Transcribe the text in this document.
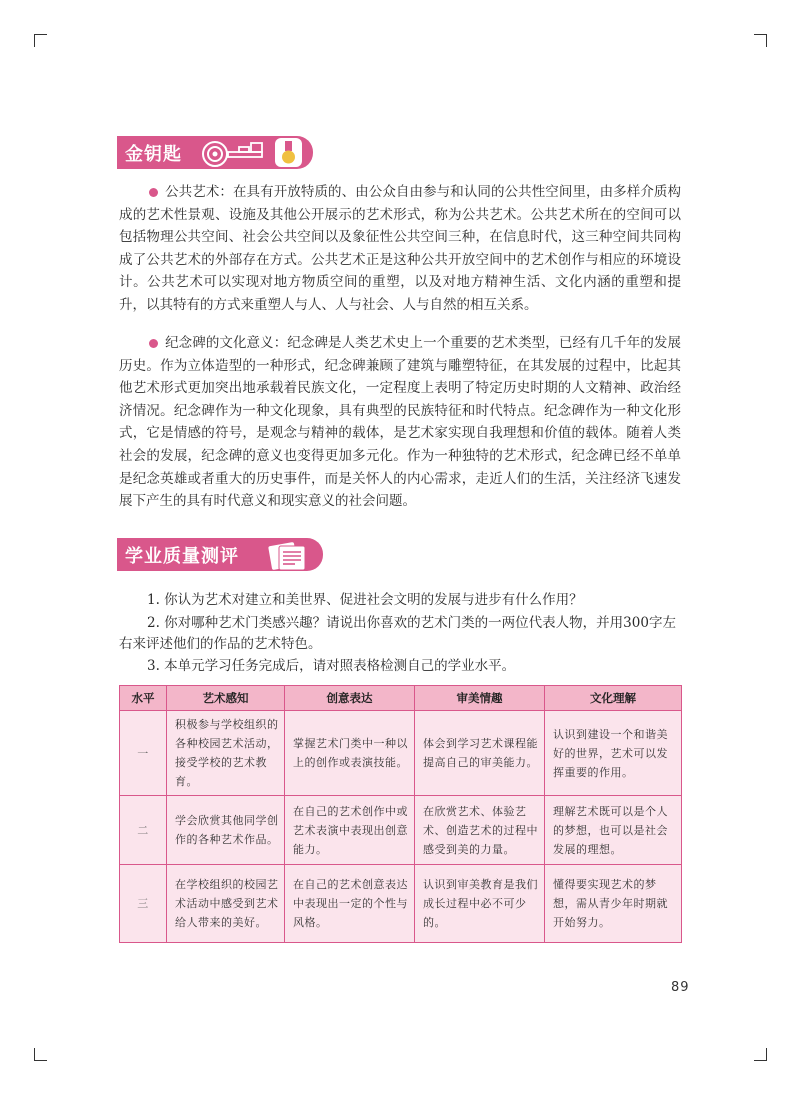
金钥匙

公共艺术：在具有开放特质的、由公众自由参与和认同的公共性空间里，由多样介质构成的艺术性景观、设施及其他公开展示的艺术形式，称为公共艺术。公共艺术所在的空间可以包括物理公共空间、社会公共空间以及象征性公共空间三种，在信息时代，这三种空间共同构成了公共艺术的外部存在方式。公共艺术正是这种公共开放空间中的艺术创作与相应的环境设计。公共艺术可以实现对地方物质空间的重塑，以及对地方精神生活、文化内涵的重塑和提升，以其特有的方式来重塑人与人、人与社会、人与自然的相互关系。

纪念碑的文化意义：纪念碑是人类艺术史上一个重要的艺术类型，已经有几千年的发展历史。作为立体造型的一种形式，纪念碑兼顾了建筑与雕塑特征，在其发展的过程中，比起其他艺术形式更加突出地承载着民族文化，一定程度上表明了特定历史时期的人文精神、政治经济情况。纪念碑作为一种文化现象，具有典型的民族特征和时代特点。纪念碑作为一种文化形式，它是情感的符号，是观念与精神的载体，是艺术家实现自我理想和价值的载体。随着人类社会的发展，纪念碑的意义也变得更加多元化。作为一种独特的艺术形式，纪念碑已经不单单是纪念英雄或者重大的历史事件，而是关怀人的内心需求，走近人们的生活，关注经济飞速发展下产生的具有时代意义和现实意义的社会问题。

学业质量测评

1. 你认为艺术对建立和美世界、促进社会文明的发展与进步有什么作用？

2. 你对哪种艺术门类感兴趣？请说出你喜欢的艺术门类的一两位代表人物，并用300字左右来评述他们的作品的艺术特色。

3. 本单元学习任务完成后，请对照表格检测自己的学业水平。

水平	艺术感知	创意表达	审美情趣	文化理解
一	积极参与学校组织的各种校园艺术活动，接受学校的艺术教育。	掌握艺术门类中一种以上的创作或表演技能。	体会到学习艺术课程能提高自己的审美能力。	认识到建设一个和谐美好的世界，艺术可以发挥重要的作用。
二	学会欣赏其他同学创作的各种艺术作品。	在自己的艺术创作中或艺术表演中表现出创意能力。	在欣赏艺术、体验艺术、创造艺术的过程中感受到美的力量。	理解艺术既可以是个人的梦想，也可以是社会发展的理想。
三	在学校组织的校园艺术活动中感受到艺术给人带来的美好。	在自己的艺术创意表达中表现出一定的个性与风格。	认识到审美教育是我们成长过程中必不可少的。	懂得要实现艺术的梦想，需从青少年时期就开始努力。
89
